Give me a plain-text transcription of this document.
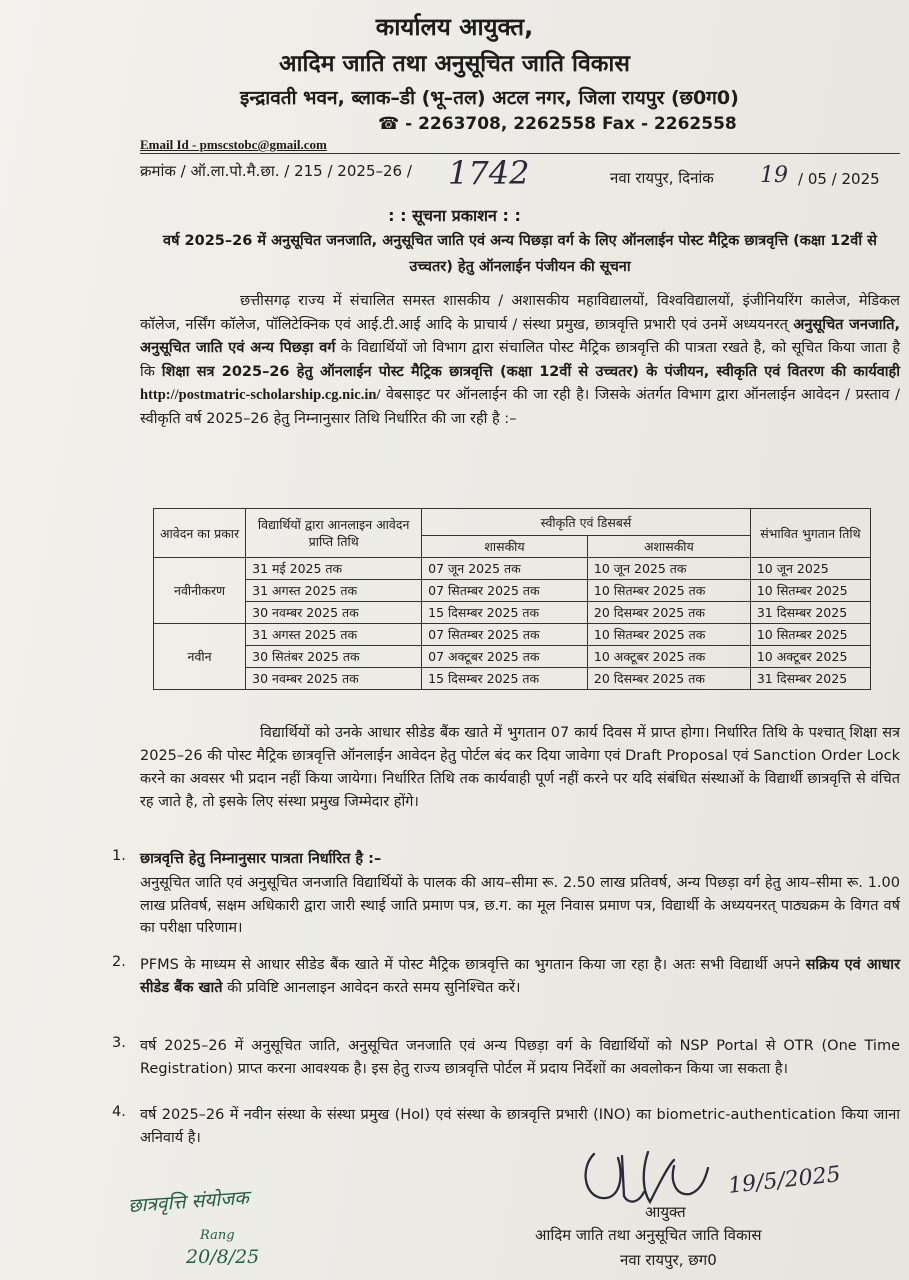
कार्यालय आयुक्त,
आदिम जाति तथा अनुसूचित जाति विकास
इन्द्रावती भवन, ब्लाक–डी (भू–तल) अटल नगर, जिला रायपुर (छ0ग0)
☎ - 2263708, 2262558 Fax - 2262558
Email Id - pmscstobc@gmail.com
क्रमांक / ऑ.ला.पो.मै.छा. / 215 / 2025–26 / 1742	नवा रायपुर, दिनांक 19 / 05 / 2025
: : सूचना प्रकाशन : :
वर्ष 2025–26 में अनुसूचित जनजाति, अनुसूचित जाति एवं अन्य पिछड़ा वर्ग के लिए ऑनलाईन पोस्ट मैट्रिक छात्रवृत्ति (कक्षा 12वीं से उच्चतर) हेतु ऑनलाईन पंजीयन की सूचना
छत्तीसगढ़ राज्य में संचालित समस्त शासकीय / अशासकीय महाविद्यालयों, विश्वविद्यालयों, इंजीनियरिंग कालेज, मेडिकल कॉलेज, नर्सिंग कॉलेज, पॉलिटेक्निक एवं आई.टी.आई आदि के प्राचार्य / संस्था प्रमुख, छात्रवृत्ति प्रभारी एवं उनमें अध्ययनरत् अनुसूचित जनजाति, अनुसूचित जाति एवं अन्य पिछड़ा वर्ग के विद्यार्थियों जो विभाग द्वारा संचालित पोस्ट मैट्रिक छात्रवृत्ति की पात्रता रखते है, को सूचित किया जाता है कि शिक्षा सत्र 2025–26 हेतु ऑनलाईन पोस्ट मैट्रिक छात्रवृत्ति (कक्षा 12वीं से उच्चतर) के पंजीयन, स्वीकृति एवं वितरण की कार्यवाही http://postmatric-scholarship.cg.nic.in/ वेबसाइट पर ऑनलाईन की जा रही है। जिसके अंतर्गत विभाग द्वारा ऑनलाईन आवेदन / प्रस्ताव / स्वीकृति वर्ष 2025–26 हेतु निम्नानुसार तिथि निर्धारित की जा रही है :–
आवेदन का प्रकार	विद्यार्थियों द्वारा आनलाइन आवेदन प्राप्ति तिथि	स्वीकृति एवं डिसबर्स		संभावित भुगतान तिथि
		शासकीय	अशासकीय	
नवीनीकरण	31 मई 2025 तक	07 जून 2025 तक	10 जून 2025 तक	10 जून 2025
	31 अगस्त 2025 तक	07 सितम्बर 2025 तक	10 सितम्बर 2025 तक	10 सितम्बर 2025
	30 नवम्बर 2025 तक	15 दिसम्बर 2025 तक	20 दिसम्बर 2025 तक	31 दिसम्बर 2025
नवीन	31 अगस्त 2025 तक	07 सितम्बर 2025 तक	10 सितम्बर 2025 तक	10 सितम्बर 2025
	30 सितंबर 2025 तक	07 अक्टूबर 2025 तक	10 अक्टूबर 2025 तक	10 अक्टूबर 2025
	30 नवम्बर 2025 तक	15 दिसम्बर 2025 तक	20 दिसम्बर 2025 तक	31 दिसम्बर 2025
विद्यार्थियों को उनके आधार सीडेड बैंक खाते में भुगतान 07 कार्य दिवस में प्राप्त होगा। निर्धारित तिथि के पश्चात् शिक्षा सत्र 2025–26 की पोस्ट मैट्रिक छात्रवृत्ति ऑनलाईन आवेदन हेतु पोर्टल बंद कर दिया जावेगा एवं Draft Proposal एवं Sanction Order Lock करने का अवसर भी प्रदान नहीं किया जायेगा। निर्धारित तिथि तक कार्यवाही पूर्ण नहीं करने पर यदि संबंधित संस्थाओं के विद्यार्थी छात्रवृत्ति से वंचित रह जाते है, तो इसके लिए संस्था प्रमुख जिम्मेदार होंगे।
1. छात्रवृत्ति हेतु निम्नानुसार पात्रता निर्धारित है :–
अनुसूचित जाति एवं अनुसूचित जनजाति विद्यार्थियों के पालक की आय–सीमा रू. 2.50 लाख प्रतिवर्ष, अन्य पिछड़ा वर्ग हेतु आय–सीमा रू. 1.00 लाख प्रतिवर्ष, सक्षम अधिकारी द्वारा जारी स्थाई जाति प्रमाण पत्र, छ.ग. का मूल निवास प्रमाण पत्र, विद्यार्थी के अध्ययनरत् पाठ्यक्रम के विगत वर्ष का परीक्षा परिणाम।
2. PFMS के माध्यम से आधार सीडेड बैंक खाते में पोस्ट मैट्रिक छात्रवृत्ति का भुगतान किया जा रहा है। अतः सभी विद्यार्थी अपने सक्रिय एवं आधार सीडेड बैंक खाते की प्रविष्टि आनलाइन आवेदन करते समय सुनिश्चित करें।
3. वर्ष 2025–26 में अनुसूचित जाति, अनुसूचित जनजाति एवं अन्य पिछड़ा वर्ग के विद्यार्थियों को NSP Portal से OTR (One Time Registration) प्राप्त करना आवश्यक है। इस हेतु राज्य छात्रवृत्ति पोर्टल में प्रदाय निर्देशों का अवलोकन किया जा सकता है।
4. वर्ष 2025–26 में नवीन संस्था के संस्था प्रमुख (HoI) एवं संस्था के छात्रवृत्ति प्रभारी (INO) का biometric-authentication किया जाना अनिवार्य है।
19/5/2025
आयुक्त
आदिम जाति तथा अनुसूचित जाति विकास
नवा रायपुर, छग0
छात्रवृत्ति संयोजक
Rang
20/8/25
